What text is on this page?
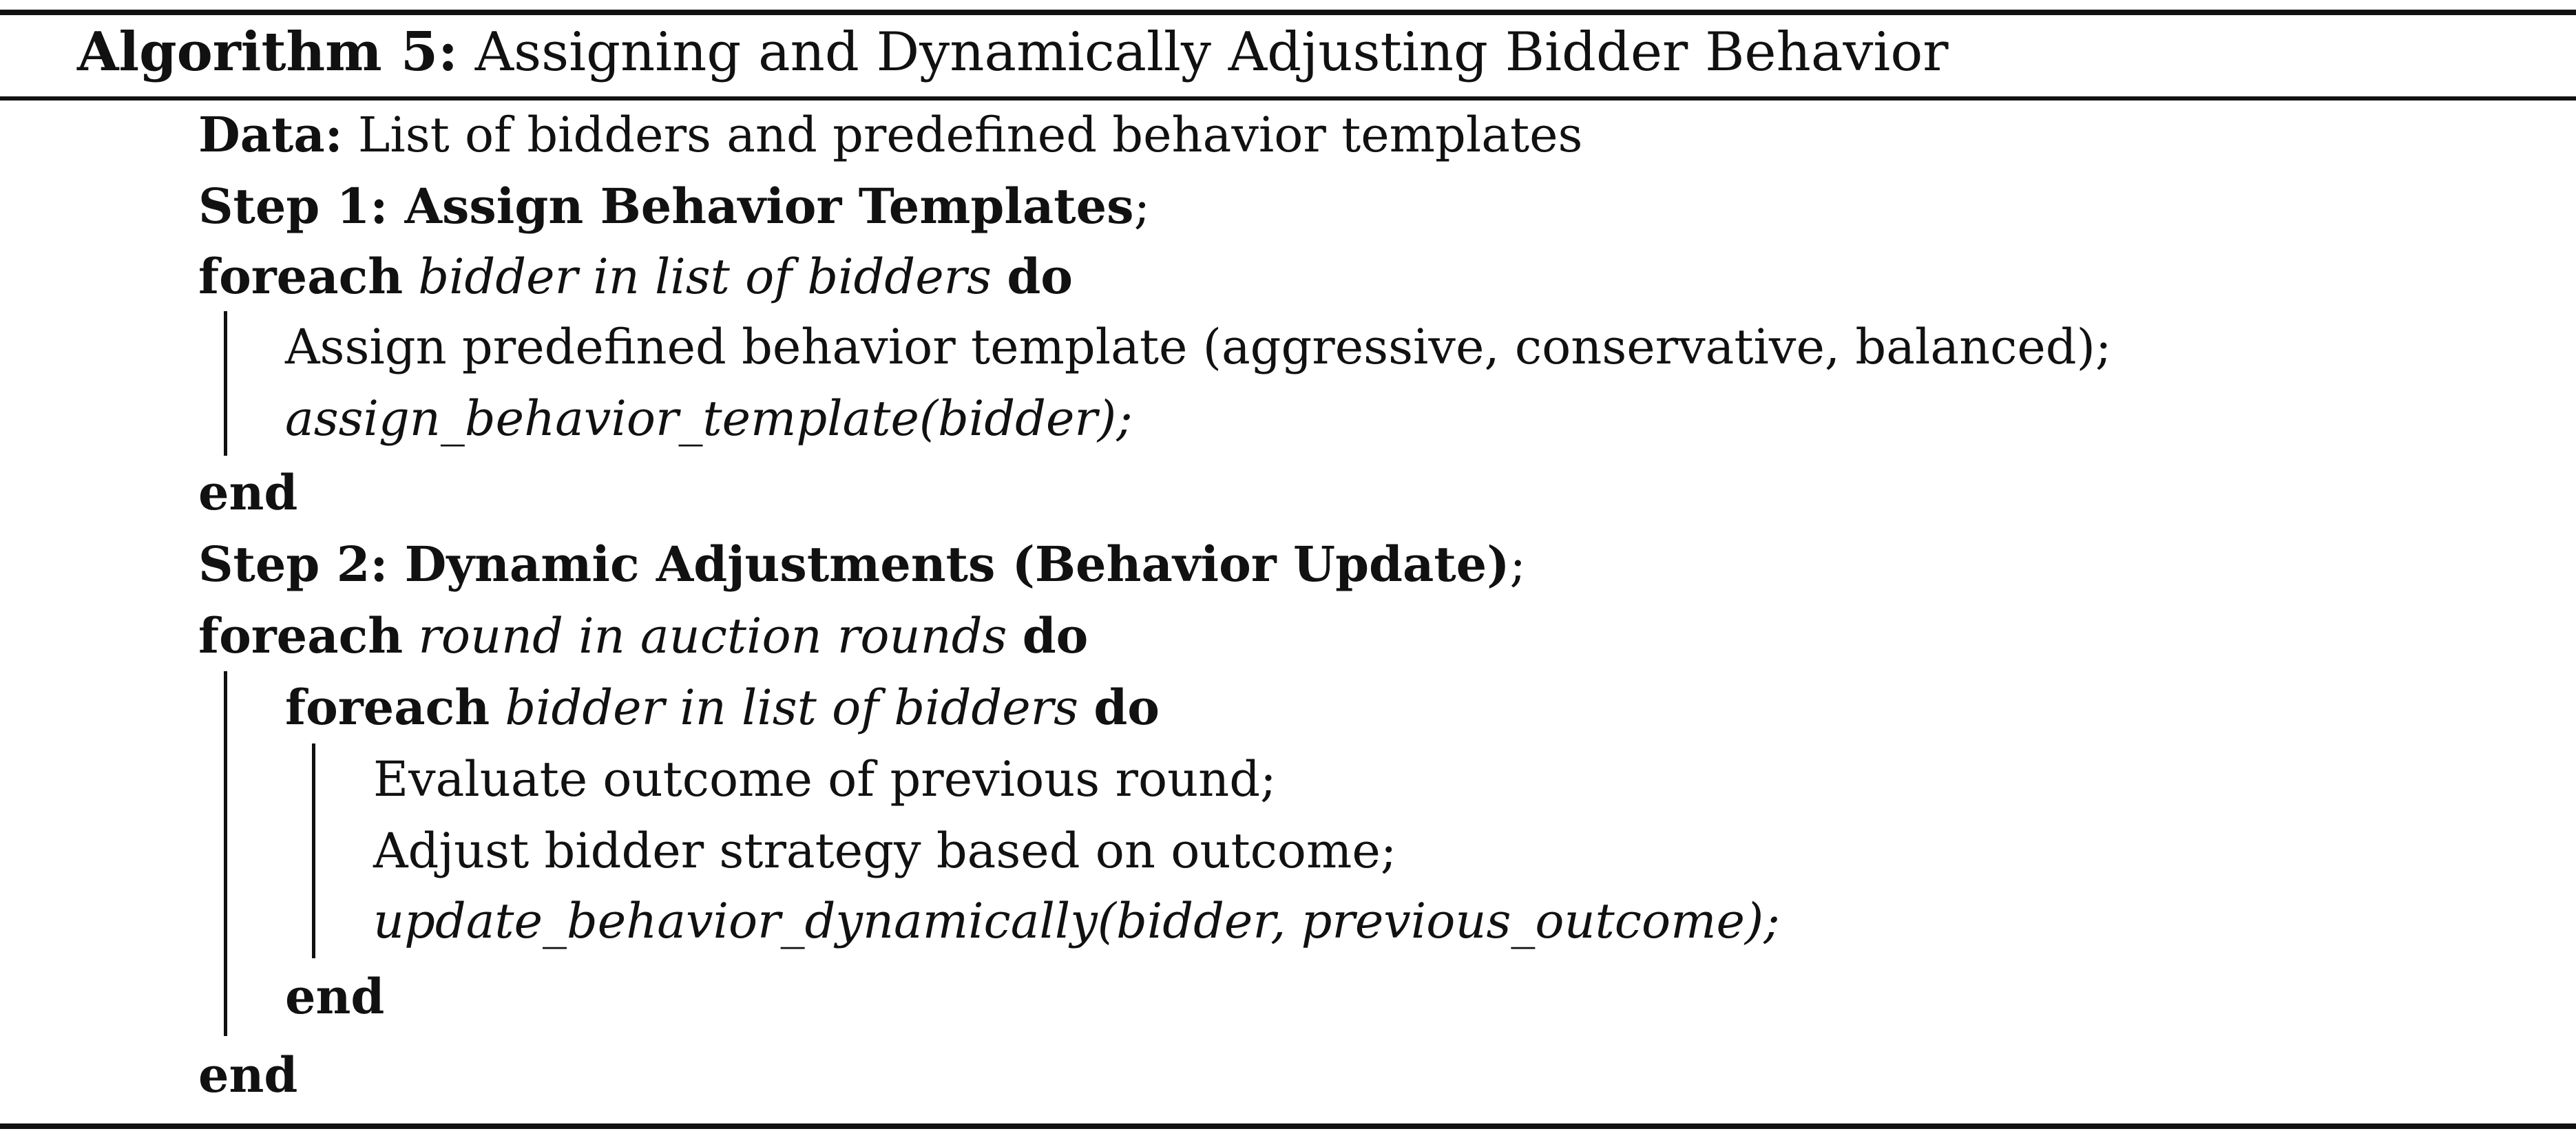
Algorithm 5: Assigning and Dynamically Adjusting Bidder Behavior
Data: List of bidders and predefined behavior templates
Step 1: Assign Behavior Templates;
foreach bidder in list of bidders do
Assign predefined behavior template (aggressive, conservative, balanced);
assign_behavior_template(bidder);
end
Step 2: Dynamic Adjustments (Behavior Update);
foreach round in auction rounds do
foreach bidder in list of bidders do
Evaluate outcome of previous round;
Adjust bidder strategy based on outcome;
update_behavior_dynamically(bidder, previous_outcome);
end
end
